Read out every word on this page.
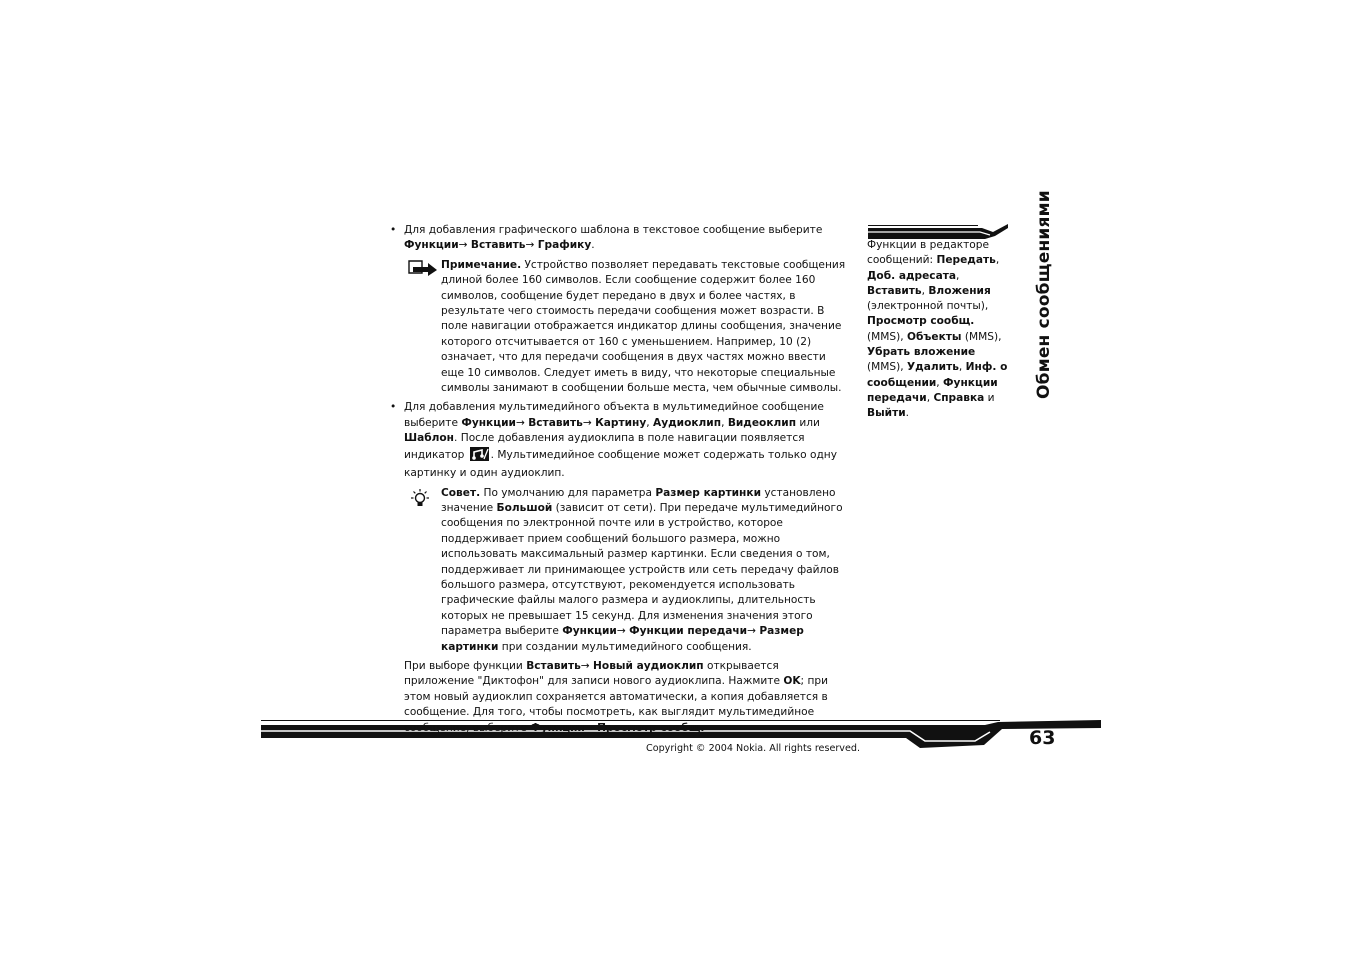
• Для добавления графического шаблона в текстовое сообщение выберите Функции→ Вставить→ Графику.

Примечание. Устройство позволяет передавать текстовые сообщения длиной более 160 символов. Если сообщение содержит более 160 символов, сообщение будет передано в двух и более частях, в результате чего стоимость передачи сообщения может возрасти. В поле навигации отображается индикатор длины сообщения, значение которого отсчитывается от 160 с уменьшением. Например, 10 (2) означает, что для передачи сообщения в двух частях можно ввести еще 10 символов. Следует иметь в виду, что некоторые специальные символы занимают в сообщении больше места, чем обычные символы.

• Для добавления мультимедийного объекта в мультимедийное сообщение выберите Функции→ Вставить→ Картину, Аудиоклип, Видеоклип или Шаблон. После добавления аудиоклипа в поле навигации появляется индикатор . Мультимедийное сообщение может содержать только одну картинку и один аудиоклип.

Совет. По умолчанию для параметра Размер картинки установлено значение Большой (зависит от сети). При передаче мультимедийного сообщения по электронной почте или в устройство, которое поддерживает прием сообщений большого размера, можно использовать максимальный размер картинки. Если сведения о том, поддерживает ли принимающее устройств или сеть передачу файлов большого размера, отсутствуют, рекомендуется использовать графические файлы малого размера и аудиоклипы, длительность которых не превышает 15 секунд. Для изменения значения этого параметра выберите Функции→ Функции передачи→ Размер картинки при создании мультимедийного сообщения.

При выборе функции Вставить→ Новый аудиоклип открывается приложение "Диктофон" для записи нового аудиоклипа. Нажмите OK; при этом новый аудиоклип сохраняется автоматически, а копия добавляется в сообщение. Для того, чтобы посмотреть, как выглядит мультимедийное сообщение, выберите Функции→ Просмотр сообщ.

Функции в редакторе сообщений: Передать, Доб. адресата, Вставить, Вложения (электронной почты), Просмотр сообщ. (MMS), Объекты (MMS), Убрать вложение (MMS), Удалить, Инф. о сообщении, Функции передачи, Справка и Выйти.
Обмен сообщениями
Copyright © 2004 Nokia. All rights reserved.	63
